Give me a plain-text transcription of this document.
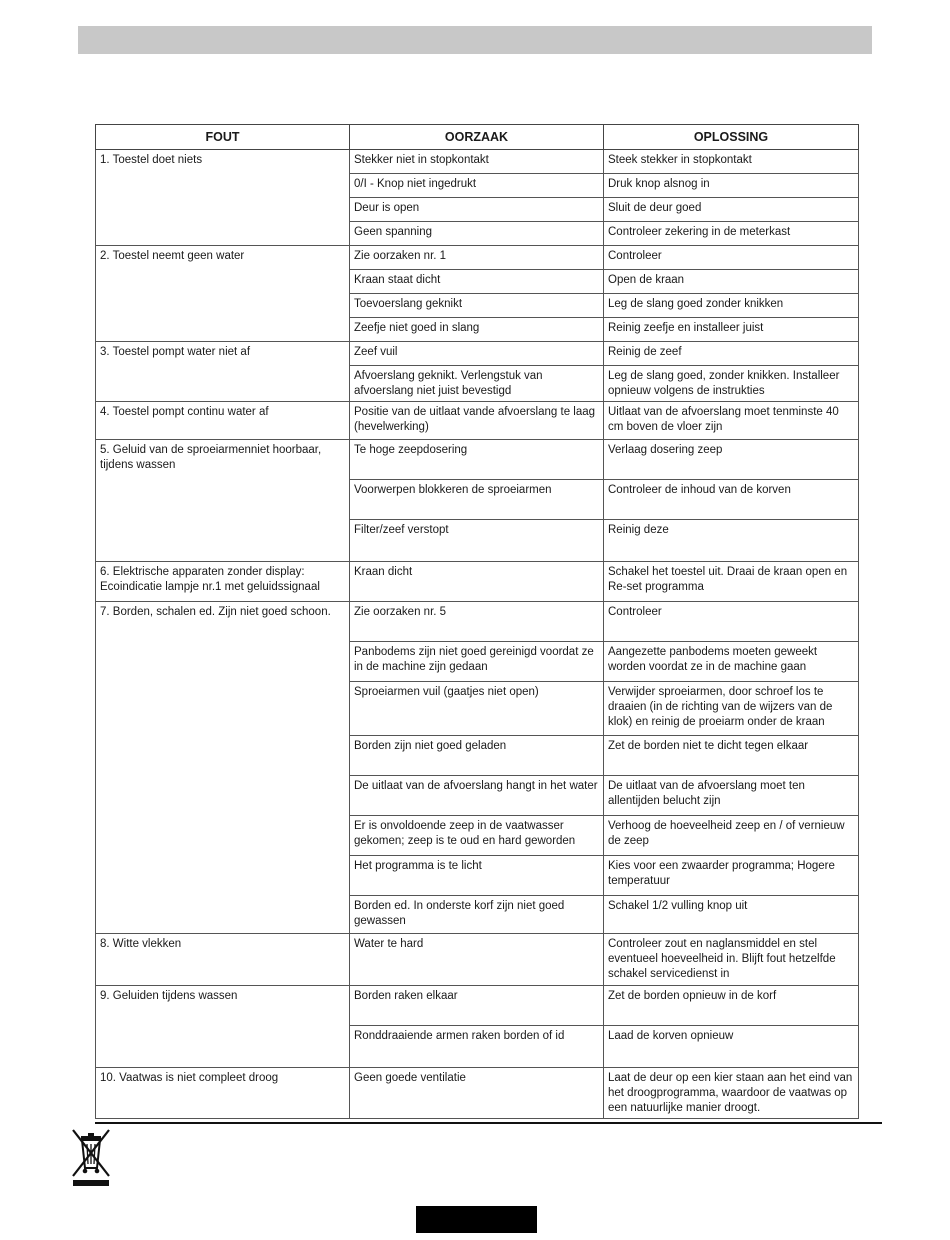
FOUT	OORZAAK	OPLOSSING
1. Toestel doet niets	Stekker niet in stopkontakt	Steek stekker in stopkontakt
	0/I - Knop niet ingedrukt	Druk knop alsnog in
	Deur is open	Sluit de deur goed
	Geen spanning	Controleer zekering in de meterkast
2. Toestel neemt geen water	Zie oorzaken nr. 1	Controleer
	Kraan staat dicht	Open de kraan
	Toevoerslang geknikt	Leg de slang goed zonder knikken
	Zeefje niet goed in slang	Reinig zeefje en installeer juist
3. Toestel pompt water niet af	Zeef vuil	Reinig de zeef
	Afvoerslang geknikt. Verlengstuk van afvoerslang niet juist bevestigd	Leg de slang goed, zonder knikken. Installeer opnieuw volgens de instrukties
4. Toestel pompt continu water af	Positie van de uitlaat vande afvoerslang te laag (hevelwerking)	Uitlaat van de afvoerslang moet tenminste 40 cm boven de vloer zijn
5. Geluid van de sproeiarmenniet hoorbaar, tijdens wassen	Te hoge zeepdosering	Verlaag dosering zeep
	Voorwerpen blokkeren de sproeiarmen	Controleer de inhoud van de korven
	Filter/zeef verstopt	Reinig deze
6. Elektrische apparaten zonder display: Ecoindicatie lampje nr.1 met geluidssignaal	Kraan dicht	Schakel het toestel uit. Draai de kraan open en Re-set programma
7. Borden, schalen ed. Zijn niet goed schoon.	Zie oorzaken nr. 5	Controleer
	Panbodems zijn niet goed gereinigd voordat ze in de machine zijn gedaan	Aangezette panbodems moeten geweekt worden voordat ze in de machine gaan
	Sproeiarmen vuil (gaatjes niet open)	Verwijder sproeiarmen, door schroef los te draaien (in de richting van de wijzers van de klok) en reinig de proeiarm onder de kraan
	Borden zijn niet goed geladen	Zet de borden niet te dicht tegen elkaar
	De uitlaat van de afvoerslang hangt in het water	De uitlaat van de afvoerslang moet ten allentijden belucht zijn
	Er is onvoldoende zeep in de vaatwasser gekomen; zeep is te oud en hard geworden	Verhoog de hoeveelheid zeep en / of vernieuw de zeep
	Het programma is te licht	Kies voor een zwaarder programma; Hogere temperatuur
	Borden ed. In onderste korf zijn niet goed gewassen	Schakel 1/2 vulling knop uit
8. Witte vlekken	Water te hard	Controleer zout en naglansmiddel en stel eventueel hoeveelheid in. Blijft fout hetzelfde schakel servicedienst in
9. Geluiden tijdens wassen	Borden raken elkaar	Zet de borden opnieuw in de korf
	Ronddraaiende armen raken borden of id	Laad de korven opnieuw
10. Vaatwas is niet compleet droog	Geen goede ventilatie	Laat de deur op een kier staan aan het eind van het droogprogramma, waardoor de vaatwas op een natuurlijke manier droogt.
